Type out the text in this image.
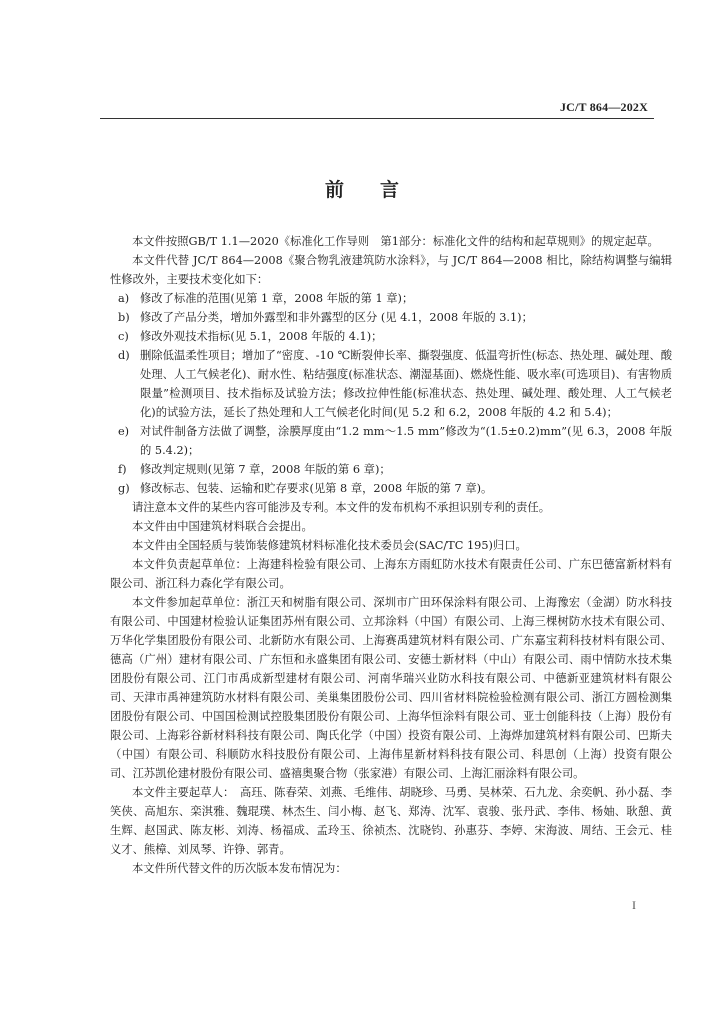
JC/T 864—202X
前言

本文件按照GB/T 1.1—2020《标准化工作导则　第1部分：标准化文件的结构和起草规则》的规定起草。

本文件代替 JC/T 864—2008《聚合物乳液建筑防水涂料》，与 JC/T 864—2008 相比，除结构调整与编辑性修改外，主要技术变化如下：

a) 修改了标准的范围(见第 1 章，2008 年版的第 1 章)；
b) 修改了产品分类，增加外露型和非外露型的区分 (见 4.1，2008 年版的 3.1)；
c) 修改外观技术指标(见 5.1，2008 年版的 4.1)；
d) 删除低温柔性项目；增加了“密度、-10 ℃断裂伸长率、撕裂强度、低温弯折性(标态、热处理、碱处理、酸处理、人工气候老化)、耐水性、粘结强度(标准状态、潮湿基面)、燃烧性能、吸水率(可选项目)、有害物质限量”检测项目、技术指标及试验方法；修改拉伸性能(标准状态、热处理、碱处理、酸处理、人工气候老化)的试验方法，延长了热处理和人工气候老化时间(见 5.2 和 6.2，2008 年版的 4.2 和 5.4)；
e) 对试件制备方法做了调整，涂膜厚度由“1.2 mm～1.5 mm”修改为“(1.5±0.2)mm”(见 6.3，2008 年版的 5.4.2)；
f)	修改判定规则(见第 7 章，2008 年版的第 6 章)；
g) 修改标志、包装、运输和贮存要求(见第 8 章，2008 年版的第 7 章)。

请注意本文件的某些内容可能涉及专利。本文件的发布机构不承担识别专利的责任。

本文件由中国建筑材料联合会提出。

本文件由全国轻质与装饰装修建筑材料标准化技术委员会(SAC/TC 195)归口。

本文件负责起草单位：上海建科检验有限公司、上海东方雨虹防水技术有限责任公司、广东巴德富新材料有限公司、浙江科力森化学有限公司。

本文件参加起草单位：浙江天和树脂有限公司、深圳市广田环保涂料有限公司、上海豫宏（金湖）防水科技有限公司、中国建材检验认证集团苏州有限公司、立邦涂料（中国）有限公司、上海三棵树防水技术有限公司、万华化学集团股份有限公司、北新防水有限公司、上海赛禹建筑材料有限公司、广东嘉宝莉科技材料有限公司、德高（广州）建材有限公司、广东恒和永盛集团有限公司、安德士新材料（中山）有限公司、雨中情防水技术集团股份有限公司、江门市禹成新型建材有限公司、河南华瑞兴业防水科技有限公司、中德新亚建筑材料有限公司、天津市禹神建筑防水材料有限公司、美巢集团股份公司、四川省材料院检验检测有限公司、浙江方圆检测集团股份有限公司、中国国检测试控股集团股份有限公司、上海华恒涂料有限公司、亚士创能科技（上海）股份有限公司、上海彩谷新材料科技有限公司、陶氏化学（中国）投资有限公司、上海烨加建筑材料有限公司、巴斯夫（中国）有限公司、科顺防水科技股份有限公司、上海伟星新材料科技有限公司、科思创（上海）投资有限公司、江苏凯伦建材股份有限公司、盛禧奥聚合物（张家港）有限公司、上海汇丽涂料有限公司。

本文件主要起草人：　高珏、陈春荣、刘燕、毛维伟、胡晓珍、马勇、吴林荣、石九龙、余奕帆、孙小磊、李笑侠、高旭东、栾淇雅、魏琨璞、林杰生、闫小梅、赵飞、郑涛、沈军、袁骏、张丹武、李伟、杨妯、耿憩、黄生辉、赵国武、陈友彬、刘涛、杨福成、孟玲玉、徐祯杰、沈晓钧、孙惠芬、李婷、宋海波、周结、王会元、桂义才、熊樟、刘凤琴、许铮、郭青。

本文件所代替文件的历次版本发布情况为：

I
